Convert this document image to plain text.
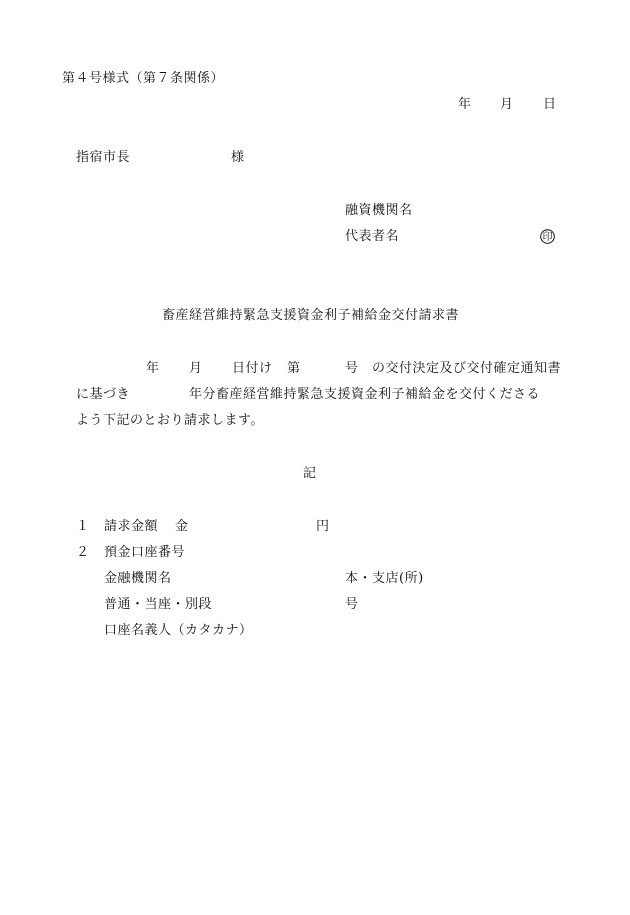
第４号様式（第７条関係）
年 月 日
指宿市長	様
融資機関名
代表者名	印
畜産経営維持緊急支援資金利子補給金交付請求書
年 月 日付け 第	号 の交付決定及び交付確定通知書
に基づき	年分畜産経営維持緊急支援資金利子補給金を交付くださる
よう下記のとおり請求します。
記
１ 請求金額 金	円
２ 預金口座番号
金融機関名	本・支店(所)
普通・当座・別段	号
口座名義人（カタカナ）
